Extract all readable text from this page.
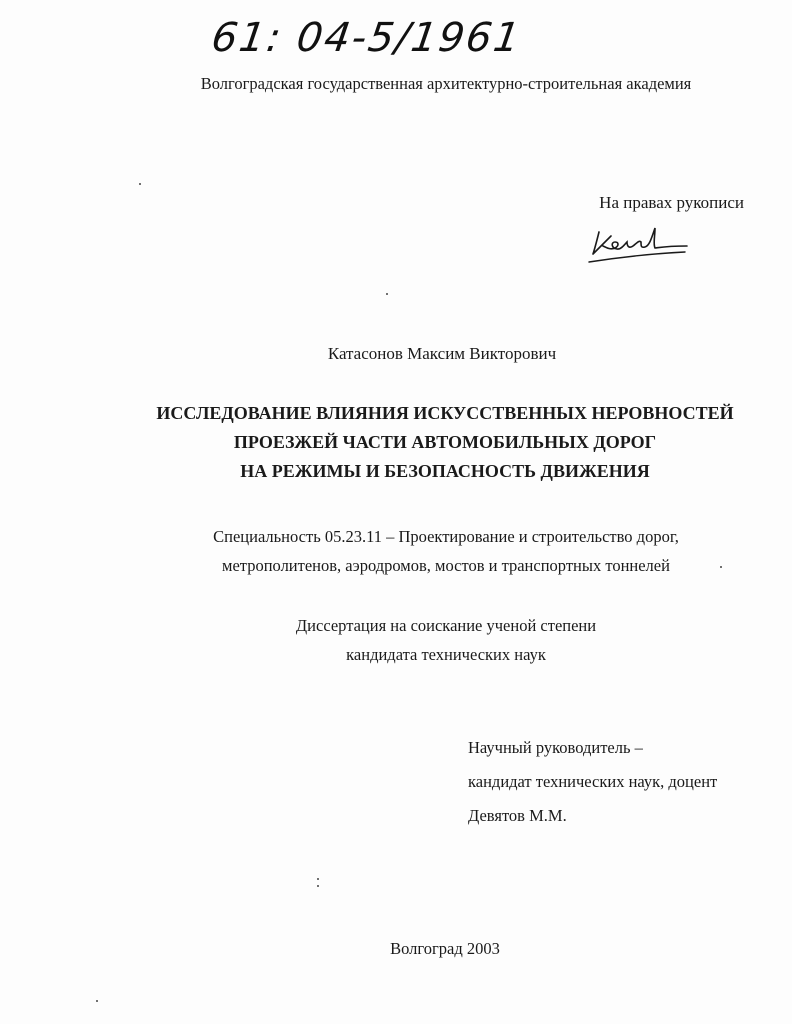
61: 04-5/1961
Волгоградская государственная архитектурно-строительная академия
На правах рукописи
Катасонов Максим Викторович
ИССЛЕДОВАНИЕ ВЛИЯНИЯ ИСКУССТВЕННЫХ НЕРОВНОСТЕЙ
ПРОЕЗЖЕЙ ЧАСТИ АВТОМОБИЛЬНЫХ ДОРОГ
НА РЕЖИМЫ И БЕЗОПАСНОСТЬ ДВИЖЕНИЯ
Специальность 05.23.11 – Проектирование и строительство дорог,
метрополитенов, аэродромов, мостов и транспортных тоннелей
Диссертация на соискание ученой степени
кандидата технических наук
Научный руководитель –
кандидат технических наук, доцент
Девятов М.М.
Волгоград 2003
